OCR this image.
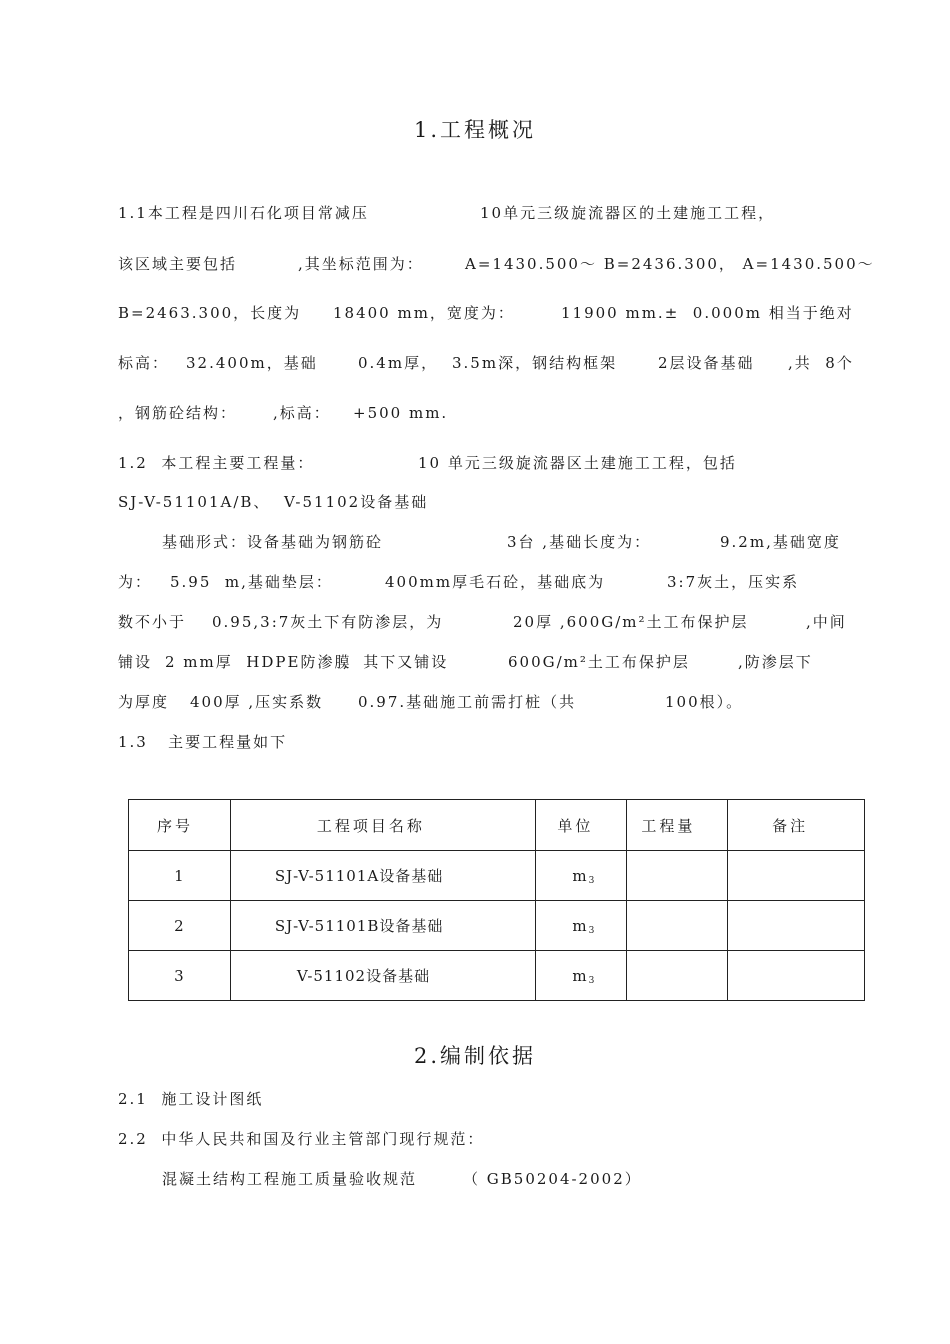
1.工程概况
1.1本工程是四川石化项目常减压	10单元三级旋流器区的土建施工工程，
该区域主要包括	,其坐标范围为：	A=1430.500～ B=2436.300， A=1430.500～
B=2463.300，长度为 18400 mm，宽度为：	11900 mm.±  0.000m 相当于绝对
标高： 32.400m，基础	0.4m厚， 3.5m深，钢结构框架	2层设备基础 ,共  8个
，钢筋砼结构： ,标高： +500 mm.
1.2  本工程主要工程量：	10 单元三级旋流器区土建施工工程，包括
SJ-V-51101A/B、  V-51102设备基础
基础形式：设备基础为钢筋砼	3台 ,基础长度为：	9.2m,基础宽度
为： 5.95  m,基础垫层：	400mm厚毛石砼，基础底为	3:7灰土，压实系
数不小于 0.95,3:7灰土下有防渗层，为	20厚 ,600G/m²土工布保护层	,中间
铺设 2 mm厚  HDPE防渗膜
,  其下又铺设	600G/m²土工布保护层	,防渗层下
为厚度 400厚 ,压实系数 0.97.基础施工前需打桩（共	100根）。
1.3   主要工程量如下
序号	工程项目名称	单位	工程量	备注
1	SJ-V-51101A设备基础	$m_3$		
2	SJ-V-51101B设备基础	$m_3$		
3	V-51102设备基础	$m_3$		
2.编制依据
2.1  施工设计图纸
2.2  中华人民共和国及行业主管部门现行规范：
混凝土结构工程施工质量验收规范	（ GB50204-2002）
